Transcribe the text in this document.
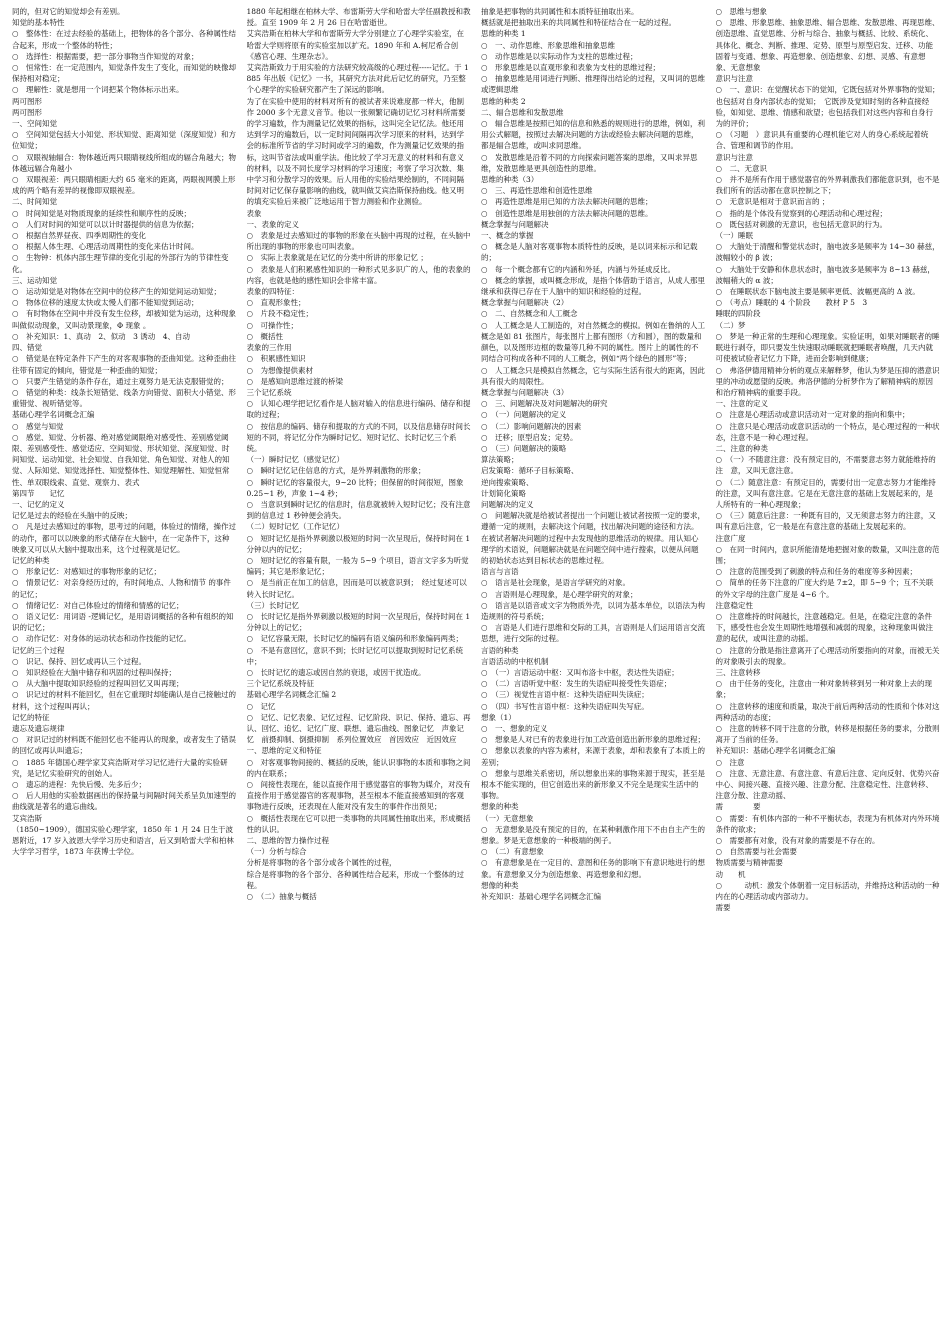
同的，但对它的知觉却会有差别。
知觉的基本特性
○　整体性：在过去经验的基础上，把物体的各个部分、各种属性结合起来，形成一个整体的特性；
○　选择性：根据需要，把一部分事物当作知觉的对象；
○　恒常性：在一定范围内，知觉条件发生了变化，而知觉的映像却保持相对稳定；
○　理解性：就是想用一个词把某个物体标示出来。
两可图形
两可图形
一、空间知觉
○　空间知觉包括大小知觉、形状知觉、距离知觉（深度知觉）和方位知觉；
○　双眼视轴辐合：物体越近两只眼睛视线所组成的辐合角越大；物体越远辐合角越小
○　双眼视差：两只眼睛相距大约 65 毫米的距离，两眼视网膜上形成的两个略有差异的视像即双眼视差。
二、时间知觉
○　时间知觉是对物质现象的延续性和顺序性的反映；
○　人们对时间的知觉可以以计时器提供的信息为依据；
○　根据自然界昼夜、四季周期性的变化
○　根据人体生理、心理活动周期性的变化来估计时间。
○　生物钟：机体内部生理节律的变化引起的外部行为的节律性变化。
三、运动知觉
○　运动知觉是对物体在空间中的位移产生的知觉间运动知觉；
○　物体位移的速度太快或太慢人们都不能知觉到运动；
○　有时物体在空间中并没有发生位移，却被知觉为运动，这种现象叫做似动现象，又叫动景现象，Φ 现象 。
○　补充知识：1、真动　2、似动　3 诱动　4、自动
四、错觉
○　错觉是在特定条件下产生的对客观事物的歪曲知觉。这种歪曲往往带有固定的倾向，错觉是一种歪曲的知觉；
○　只要产生错觉的条件存在，通过主观努力是无法克服错觉的；
○　错觉的种类：线条长短错觉、线条方向错觉、面积大小错觉、形重错觉、视听错觉等。
基础心理学名词概念汇编
○　感觉与知觉
○　感觉、知觉、分析器、绝对感觉阈限绝对感受性、差别感觉阈限、差别感受性、感觉适应、空间知觉、形状知觉、深度知觉、时间知觉、运动知觉、社会知觉、自我知觉、角色知觉、对他人的知觉、人际知觉、知觉选择性、知觉整体性、知觉理解性、知觉恒常性、单双眼线索、直觉、观察力、表式
第四节　　记忆
一、记忆的定义
记忆是过去的经验在头脑中的反映；
○　凡是过去感知过的事物，思考过的问题，体验过的情绪，操作过的动作，都可以以映象的形式储存在大脑中，在一定条件下，这种映象又可以从大脑中提取出来，这个过程就是记忆。
记忆的种类
○　形象记忆：对感知过的事物形象的记忆；
○　情景记忆：对亲身经历过的，有时间地点、人物和情节 的事件的记忆；
○　情绪记忆：对自己体验过的情绪和情感的记忆；
○　语义记忆：用词语 -逻辑记忆，是用语词概括的各种有组织的知识的记忆；
○　动作记忆：对身体的运动状态和动作技能的记忆。
记忆的三个过程
○　识记、保持、回忆或再认三个过程。
○　知识经验在大脑中储存和巩固的过程叫保持；
○　从大脑中提取知识经验的过程叫回忆又叫再现；
○　识记过的材料不能回忆，但在它重现时却能确认是自己接触过的材料，这个过程叫再认；
记忆的特征
遗忘及遗忘规律
○　对识记过的材料既不能回忆也不能再认的现象，或者发生了错误的回忆或再认叫遗忘；
○　1885 年德国心理学家艾宾浩斯对学习记忆进行大量的实验研究，是记忆实验研究的创始人。
○　遗忘的进程：先快后慢、先多后少；
○　后人用他的实验数据画出的保持量与间隔时间关系呈负加速型的曲线就是著名的遗忘曲线。
艾宾浩斯
（1850~1909），德国实验心理学家，1850 年 1 月 24 日生于波恩附近，17 岁入波恩大学学习历史和语言，后又到哈雷大学和柏林大学学习哲学，1873 年获博士学位。
1880 年起相继在柏林大学、布雷斯劳大学和哈雷大学任副教授和教授。直至 1909 年 2 月 26 日在哈雷逝世。
艾宾浩斯在柏林大学和布雷斯劳大学分别建立了心理学实验室，在哈雷大学则将原有的实验室加以扩充。1890 年和 A.柯尼希合创《感官心理、生理杂志》。
艾宾浩斯致力于用实验的方法研究较高级的心理过程-----记忆。于 1885 年出版《记忆》一书，其研究方法对此后记忆的研究，乃至整个心理学的实验研究都产生了深远的影响。
为了在实验中使用的材料对所有的被试者来说难度都一样大，他制作 2000 多个无意义音节。他以一张频繁记确切记忆习材料所需要的学习遍数，作为测量记忆效果的指标，这叫完全记忆法。他还用达到学习的遍数后，以一定时间间隔再次学习原来的材料，达到学会的标准所节省的学习时间或学习的遍数，作为测量记忆效果的指标，这叫节省法或叫重学法。他比较了学习无意义的材料和有意义的材料，以及不同长度学习材料的学习速度；考察了学习次数、集中学习和分散学习的效果。后人用他的实验结果绘制的，不同间隔时间对记忆保存量影响的曲线，就叫做艾宾浩斯保持曲线。他又明的填充实验后来被广泛地运用于智力测验和作业测验。
表象
一、表象的定义
○　表象是过去感知过的事物的形象在头脑中再现的过程，在头脑中所出现的事物的形象也可叫表象。
○　实际上表象就是在记忆的分类中所讲的形象记忆 ；
○　表象是人们积累感性知识的一种形式见多识广的人，他的表象的内容，也就是他的感性知识会非常丰富。
表象的四特征：
○　直观形象性；
○　片段不稳定性；
○　可操作性；
○　概括性
表象的三作用
○　积累感性知识
○　为想像提供素材
○　是感知向思维过渡的桥梁
三个记忆系统
○　认知心理学把记忆看作是人脑对输入的信息进行编码、储存和提取的过程；
○　按信息的编码、储存和提取的方式的不同，以及信息储存时间长短的不同，将记忆分作为瞬时记忆、短时记忆、长时记忆三个系统。
（一）瞬时记忆（感觉记忆）
○　瞬时记忆记住信息的方式，是外界刺激物的形象；
○　瞬时记忆的容量很大，9~20 比特；但保留的时间很短，图象 0.25~1 秒，声象 1~4 秒；
○　当意识到瞬时记忆的信息时，信息就被转入短时记忆；没有注意到的信息过 1 秒钟便会消失。
（二）短时记忆（工作记忆）
○　短时记忆是指外界刺激以极短的时间一次呈现后，保持时间在 1 分钟以内的记忆；
○　短时记忆的容量有限，一般为 5~9 个项目，语言文字多为听觉编码；其它是形象记忆；
○　是当前正在加工的信息，因而是可以被意识到；　经过复述可以转入长时记忆。
（三）长时记忆
○　长时记忆是指外界刺激以极短的时间一次呈现后，保持时间在 1 分钟以上的记忆；
○　记忆容量无限，长时记忆的编码有语义编码和形象编码两类；
○　不是有意回忆，意识不到；长时记忆可以提取到短时记忆系统中；
○　长时记忆的遗忘或因自然的衰退，或因干扰造成。
三个记忆系统及特征
基础心理学名词概念汇编 2
○　记忆
○　记忆、记忆表象、记忆过程、记忆阶段、识记、保持、遗忘、再认、回忆、追忆、记忆广度、联想、遗忘曲线、图象记忆　声象记忆　前摄抑制、倒摄抑制　系列位置效应　首因效应　近因效应
一、思维的定义和特征
○　对客观事物间接的、概括的反映，能认识事物的本质和事物之间的内在联系；
○　间接性表现在，能以直接作用于感觉器官的事物为媒介，对没有直接作用于感觉器官的客观事物，甚至根本不能直接感知到的客观事物进行反映，还表现在人能对没有发生的事件作出预见；
○　概括性表现在它可以把一类事物的共同属性抽取出来，形成概括性的认识。
二、思维的智力操作过程
（一）分析与综合
分析是将事物的各个部分或各个属性的过程，
综合是将事物的各个部分、各种属性结合起来，形成一个整体的过程。
○　（二）抽象与概括
抽象是把事物的共同属性和本质特征抽取出来。
概括就是把抽取出来的共同属性和特征结合在一起的过程。
思维的种类 1
○　一、动作思维、形象思维和抽象思维
○　动作思维是以实际动作为支柱的思维过程；
○　形象思维是以直观形象和表象为支柱的思维过程；
○　抽象思维是用词进行判断、推理得出结论的过程，又叫词的思维或逻辑思维
思维的种类 2
二、辐合思维和发散思维
○　辐合思维是按照已知的信息和熟悉的规则进行的思维，例如，利用公式解题，按照过去解决问题的方法或经验去解决问题的思维，都是辐合思维，或叫求同思维。
○　发散思维是沿着不同的方向探索问题答案的思维，又叫求异思维，发散思维是更具创造性的思维。
思维的种类（3）
○　三、再造性思维和创造性思维
○　再造性思维是用已知的方法去解决问题的思维；
○　创造性思维是用独创的方法去解决问题的思维。
概念掌握与问题解决
一、概念的掌握
○　概念是人脑对客观事物本质特性的反映，是以词来标示和记载的；
○　每一个概念都有它的内涵和外延，内涵与外延成反比。
○　概念的掌握，或叫概念形成，是指个体借助于语言，从成人那里继承和获得已存在于人脑中的知识和经验的过程。
概念掌握与问题解决（2）
○　二、自然概念和人工概念
○　人工概念是人工制造的，对自然概念的模拟。例如在鲁纳的人工概念是如 81 张图片，每张图片上都有图形（方和圆），图的数量和颜色，以及图形边框的数量等几种不同的属性。图片上的属性的不同结合可构成各种不同的人工概念，例如“两个绿色的圆形”等；
○　人工概念只是模拟自然概念，它与实际生活有很大的距离，因此具有很大的局限性。
概念掌握与问题解决（3）
○　三、问题解决及对问题解决的研究
○　（一）问题解决的定义
○　（二）影响问题解决的因素
○　迁移；原型启发；定势。
○　（三）问题解决的策略
算法策略；
启发策略：循环子目标策略、
逆向搜索策略、
计划简化策略
问题解决的定义
○　问题解决就是给被试者提出一个问题让被试者按照一定的要求，遵循一定的规则，去解决这个问题，找出解决问题的途径和方法。在被试者解决问题的过程中去发现他的思维活动的规律。用认知心理学的术语说，问题解决就是在问题空间中进行搜索，以便从问题的初始状态达到目标状态的思维过程。
语言与言语
○　语言是社会现象，是语言学研究的对象。
○　言语则是心理现象，是心理学研究的对象；
○　语言是以语音或文字为物质外壳，以词为基本单位，以语法为构造规则的符号系统；
○　言语是人们进行思维和交际的工具，言语则是人们运用语言交流思想，进行交际的过程。
言语的种类
言语活动的中枢机制
○　（一）言语运动中枢：又叫布洛卡中枢，表达性失语症；
○　（二）言语听觉中枢：发生的失语症叫接受性失语症；
○　（三）视觉性言语中枢：这种失语症叫失读症；
○　（四）书写性言语中枢：这种失语症叫失写症。
想象（1）
○　一、想象的定义
○　想象是人对已有的表象进行加工改造创造出新形象的思维过程；
○　想象以表象的内容为素材，来源于表象，却和表象有了本质上的差别；
○　想象与思维关系密切，所以想象出来的事物来源于现实，甚至是根本不能实现的，但它创造出来的新形象又不完全是现实生活中的事物。
想象的种类
（一）无意想象
○　无意想象是没有预定的目的，在某种刺激作用下不由自主产生的想象。梦是无意想象的一种极端的例子。
○　（二）有意想象
○　有意想象是在一定目的、意图和任务的影响下有意识地进行的想象。有意想象又分为创造想象、再造想象和幻想。
想像的种类
补充知识：基础心理学名词概念汇编
○　思维与想象
○　思维、形象思维、抽象思维、辐合思维、发散思维、再现思维、创造思维、直觉思维、分析与综合、抽象与概括、比较、系统化、具体化、概念、判断、推理、定势、原型与原型启发、迁移、功能固着与变通、想象、再造想象、创造想象、幻想、灵感、有意想象、无意想象
意识与注意
○　一、意识：在觉醒状态下的觉知，它既包括对外界事物的觉知；也包括对自身内部状态的觉知；　它既涉及觉知时刻的各种直接经验，如知觉、思维、情感和欲望；也包括我们对这些内容和自身行为的评价；
○　（习题　）意识具有重要的心理机能它对人的身心系统起着统合、管理和调节的作用。
意识与注意
○　二、无意识
○　并不是所有作用于感觉器官的外界刺激我们都能意识到，也不是我们所有的活动都在意识控制之下；
○　无意识是相对于意识而言的 ；
○　指的是个体没有觉察到的心理活动和心理过程；
○　既包括对刺激的无意识，也包括无意识的行为。
（一）睡眠
○　大脑处于清醒和警觉状态时，脑电波多是频率为 14~30 赫兹，波幅较小的 β 波；
○　大脑处于安静和休息状态时，脑电波多是频率为 8~13 赫兹，波幅稍大的 α 波；
○　在睡眠状态下脑电波主要是频率更低、波幅更高的 Δ 波。
○　（考点）睡眠的 4 个阶段　　教材 P 5　3
睡眠的四阶段
（二）梦
○　梦是一种正常的生理和心理现象。实验证明，如果对睡眠者的睡眠进行剥夺，即只要发生快速眼动睡眠就把睡眠者唤醒，几天内就可使被试验者记忆力下降，进而会影响到健康；
○　弗洛伊德用精神分析的观点来解释梦，他认为梦是压抑的潜意识里的冲动或愿望的反映。弗洛伊德的分析梦作为了解精神病的原因和治疗精神病的重要手段。
一、注意的定义
○　注意是心理活动或意识活动对一定对象的指向和集中；
○　注意只是心理活动或意识活动的一个特点，是心理过程的一种状态，注意不是一种心理过程。
二、注意的种类
○　（一）不随意注意：没有预定目的，不需要意志努力就能维持的注　意，又叫无意注意。
○　（二）随意注意：有预定目的，需要付出一定意志努力才能维持的注意，又叫有意注意。它是在无意注意的基础上发展起来的，是人所特有的一种心理现象；
○　（三）随意后注意：一种既有目的，又无须意志努力的注意，又叫有意后注意，它一般是在有意注意的基础上发展起来的。
注意广度
○　在同一时间内，意识所能清楚地把握对象的数量，又叫注意的范围；
○　注意的范围受到了刺激的特点和任务的难度等多种因素；
○　简单的任务下注意的广度大约是 7±2，即 5~9 个；互不关联的外文字母的注意广度是 4~6 个。
注意稳定性
○　注意维持的时间越长，注意越稳定。但是，在稳定注意的条件下，感受性也会发生周期性地增强和减弱的现象，这种现象叫做注意的起伏，或叫注意的动摇。
○　注意的分散是指注意离开了心理活动所要指向的对象，而被无关的对象吸引去的现象。
三、注意转移
○　由于任务的变化，注意由一种对象转移到另一种对象上去的现象；
○　注意转移的速度和质量，取决于前后两种活动的性质和个体对这两种活动的态度；
○　注意的转移不同于注意的分散，转移是根据任务的要求，分散则离开了当前的任务。
补充知识：基础心理学名词概念汇编
○　注意
○　注意、无意注意、有意注意、有意后注意、定向反射、优势兴奋中心、间接兴趣、直接兴趣、注意分配、注意稳定性、注意转移、　注意分散、注意动摇、
需　　　　要
○　需要：有机体内部的一种不平衡状态，表现为有机体对内外环境条件的欲求；
○　需要都有对象，没有对象的需要是不存在的。
○　自然需要与社会需要
物质需要与精神需要
动　　机
○　　　动机：激发个体朝着一定目标活动，并维持这种活动的一种内在的心理活动或内部动力。
需要
